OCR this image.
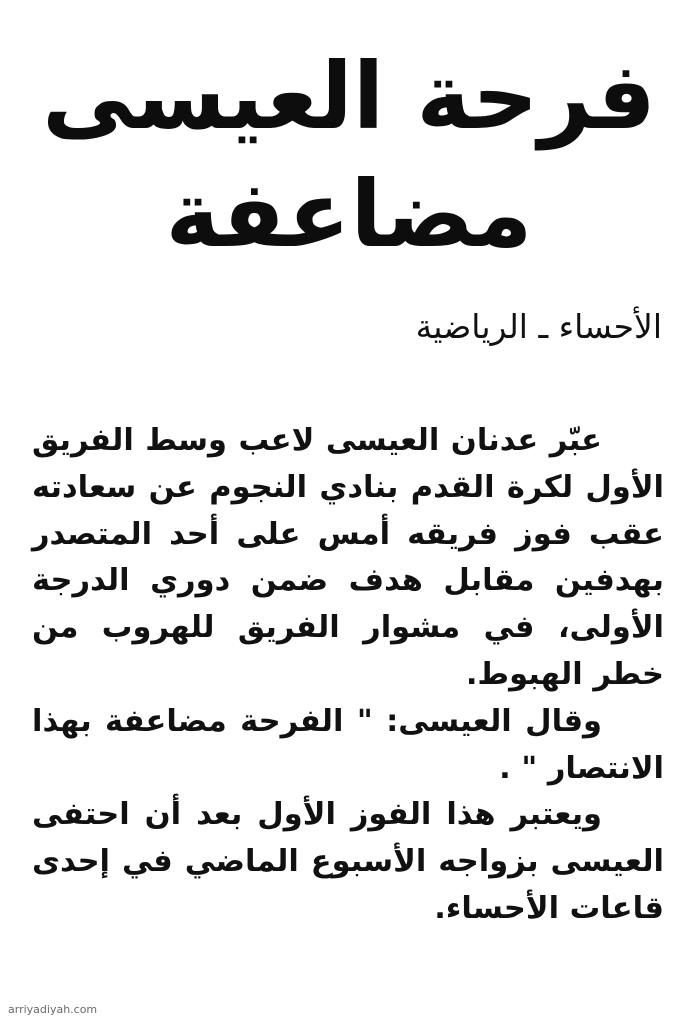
فرحة العيسى
مضاعفة
الأحساء ـ الرياضية

عبّر عدنان العيسى لاعب وسط الفريق الأول لكرة القدم بنادي النجوم عن سعادته عقب فوز فريقه أمس على أحد المتصدر بهدفين مقابل هدف ضمن دوري الدرجة الأولى، في مشوار الفريق للهروب من خطر الهبوط.

وقال العيسى: " الفرحة مضاعفة بهذا الانتصار " .

ويعتبر هذا الفوز الأول بعد أن احتفى العيسى بزواجه الأسبوع الماضي في إحدى قاعات الأحساء.

arriyadiyah.com
